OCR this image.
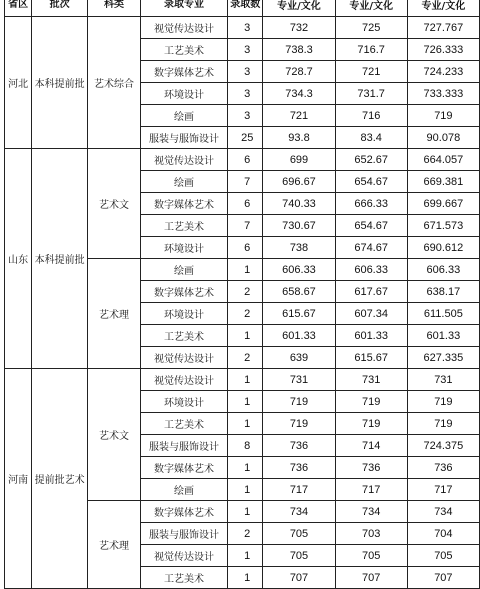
省区	批次	科类	录取专业	录取数	专业/文化	专业/文化	专业/文化

河北	本科提前批	艺术综合	视觉传达设计	3	732	725	727.767
			工艺美术	3	738.3	716.7	726.333
			数字媒体艺术	3	728.7	721	724.233
			环境设计	3	734.3	731.7	733.333
			绘画	3	721	716	719
			服装与服饰设计	25	93.8	83.4	90.078
山东	本科提前批	艺术文	视觉传达设计	6	699	652.67	664.057
			绘画	7	696.67	654.67	669.381
			数字媒体艺术	6	740.33	666.33	699.667
			工艺美术	7	730.67	654.67	671.573
			环境设计	6	738	674.67	690.612
		艺术理	绘画	1	606.33	606.33	606.33
			数字媒体艺术	2	658.67	617.67	638.17
			环境设计	2	615.67	607.34	611.505
			工艺美术	1	601.33	601.33	601.33
			视觉传达设计	2	639	615.67	627.335
河南	提前批艺术	艺术文	视觉传达设计	1	731	731	731
			环境设计	1	719	719	719
			工艺美术	1	719	719	719
			服装与服饰设计	8	736	714	724.375
			数字媒体艺术	1	736	736	736
			绘画	1	717	717	717
		艺术理	数字媒体艺术	1	734	734	734
			服装与服饰设计	2	705	703	704
			视觉传达设计	1	705	705	705
			工艺美术	1	707	707	707
